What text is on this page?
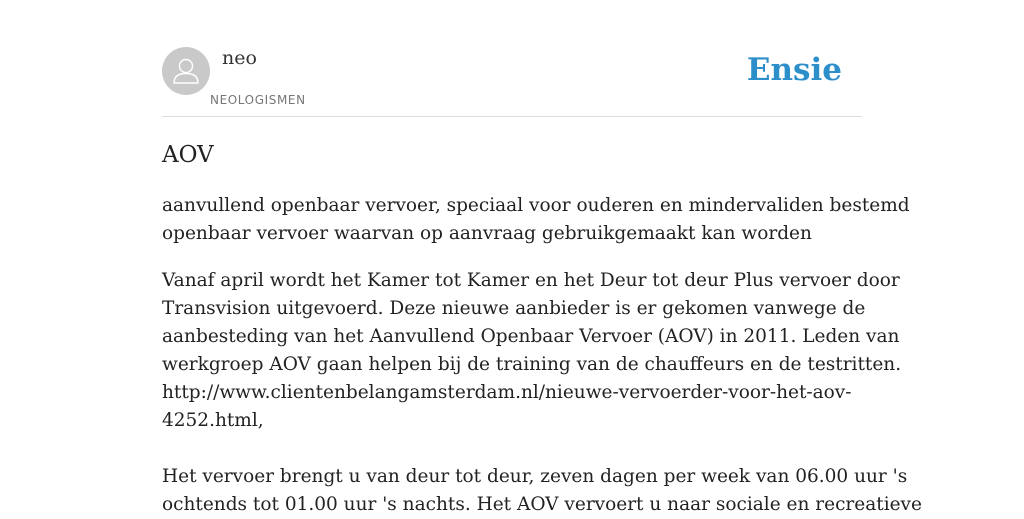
neo
NEOLOGISMEN
Ensie
AOV

aanvullend openbaar vervoer, speciaal voor ouderen en mindervaliden bestemd
openbaar vervoer waarvan op aanvraag gebruikgemaakt kan worden

Vanaf april wordt het Kamer tot Kamer en het Deur tot deur Plus vervoer door
Transvision uitgevoerd. Deze nieuwe aanbieder is er gekomen vanwege de
aanbesteding van het Aanvullend Openbaar Vervoer (AOV) in 2011. Leden van
werkgroep AOV gaan helpen bij de training van de chauffeurs en de testritten.
http://www.clientenbelangamsterdam.nl/nieuwe-vervoerder-voor-het-aov-
4252.html,
Het vervoer brengt u van deur tot deur, zeven dagen per week van 06.00 uur 's
ochtends tot 01.00 uur 's nachts. Het AOV vervoert u naar sociale en recreatieve
